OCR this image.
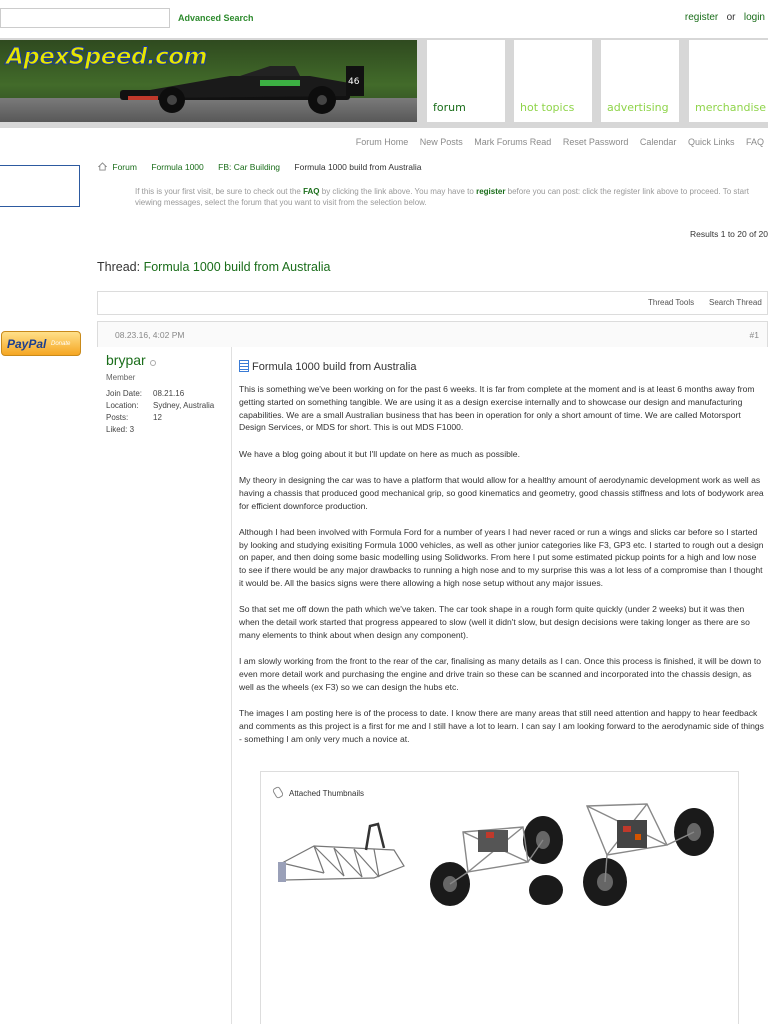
Advanced Search	register or login
46
ApexSpeed.com
forum	hot topics	advertising merchandise
Forum Home New Posts Mark Forums Read Reset Password Calendar Quick Links FAQ
Forum Formula 1000 FB: Car Building Formula 1000 build from Australia
If this is your first visit, be sure to check out the FAQ by clicking the link above. You may have to register before you can post: click the register link above to proceed. To start viewing messages, select the forum that you want to visit from the selection below.
Results 1 to 20 of 20
Thread: Formula 1000 build from Australia
Thread Tools Search Thread
PayPal Donate
08.23.16, 4:02 PM	#1
brypar
Member
Join Date: 08.21.16
Location: Sydney, Australia
Posts:	12
Liked: 3
Formula 1000 build from Australia

This is something we've been working on for the past 6 weeks. It is far from complete at the moment and is at least 6 months away from getting started on something tangible. We are using it as a design exercise internally and to showcase our design and manufacturing capabilities. We are a small Australian business that has been in operation for only a short amount of time. We are called Motorsport Design Services, or MDS for short. This is out MDS F1000.

We have a blog going about it but I'll update on here as much as possible.

My theory in designing the car was to have a platform that would allow for a healthy amount of aerodynamic development work as well as having a chassis that produced good mechanical grip, so good kinematics and geometry, good chassis stiffness and lots of bodywork area for efficient downforce production.

Although I had been involved with Formula Ford for a number of years I had never raced or run a wings and slicks car before so I started by looking and studying exisiting Formula 1000 vehicles, as well as other junior categories like F3, GP3 etc. I started to rough out a design on paper, and then doing some basic modelling using Solidworks. From here I put some estimated pickup points for a high and low nose to see if there would be any major drawbacks to running a high nose and to my surprise this was a lot less of a compromise than I thought it would be. All the basics signs were there allowing a high nose setup without any major issues.

So that set me off down the path which we've taken. The car took shape in a rough form quite quickly (under 2 weeks) but it was then when the detail work started that progress appeared to slow (well it didn't slow, but design decisions were taking longer as there are so many elements to think about when design any component).

I am slowly working from the front to the rear of the car, finalising as many details as I can. Once this process is finished, it will be down to even more detail work and purchasing the engine and drive train so these can be scanned and incorporated into the chassis design, as well as the wheels (ex F3) so we can design the hubs etc.

The images I am posting here is of the process to date. I know there are many areas that still need attention and happy to hear feedback and comments as this project is a first for me and I still have a lot to learn. I can say I am looking forward to the aerodynamic side of things - something I am only very much a novice at.

Attached Thumbnails
